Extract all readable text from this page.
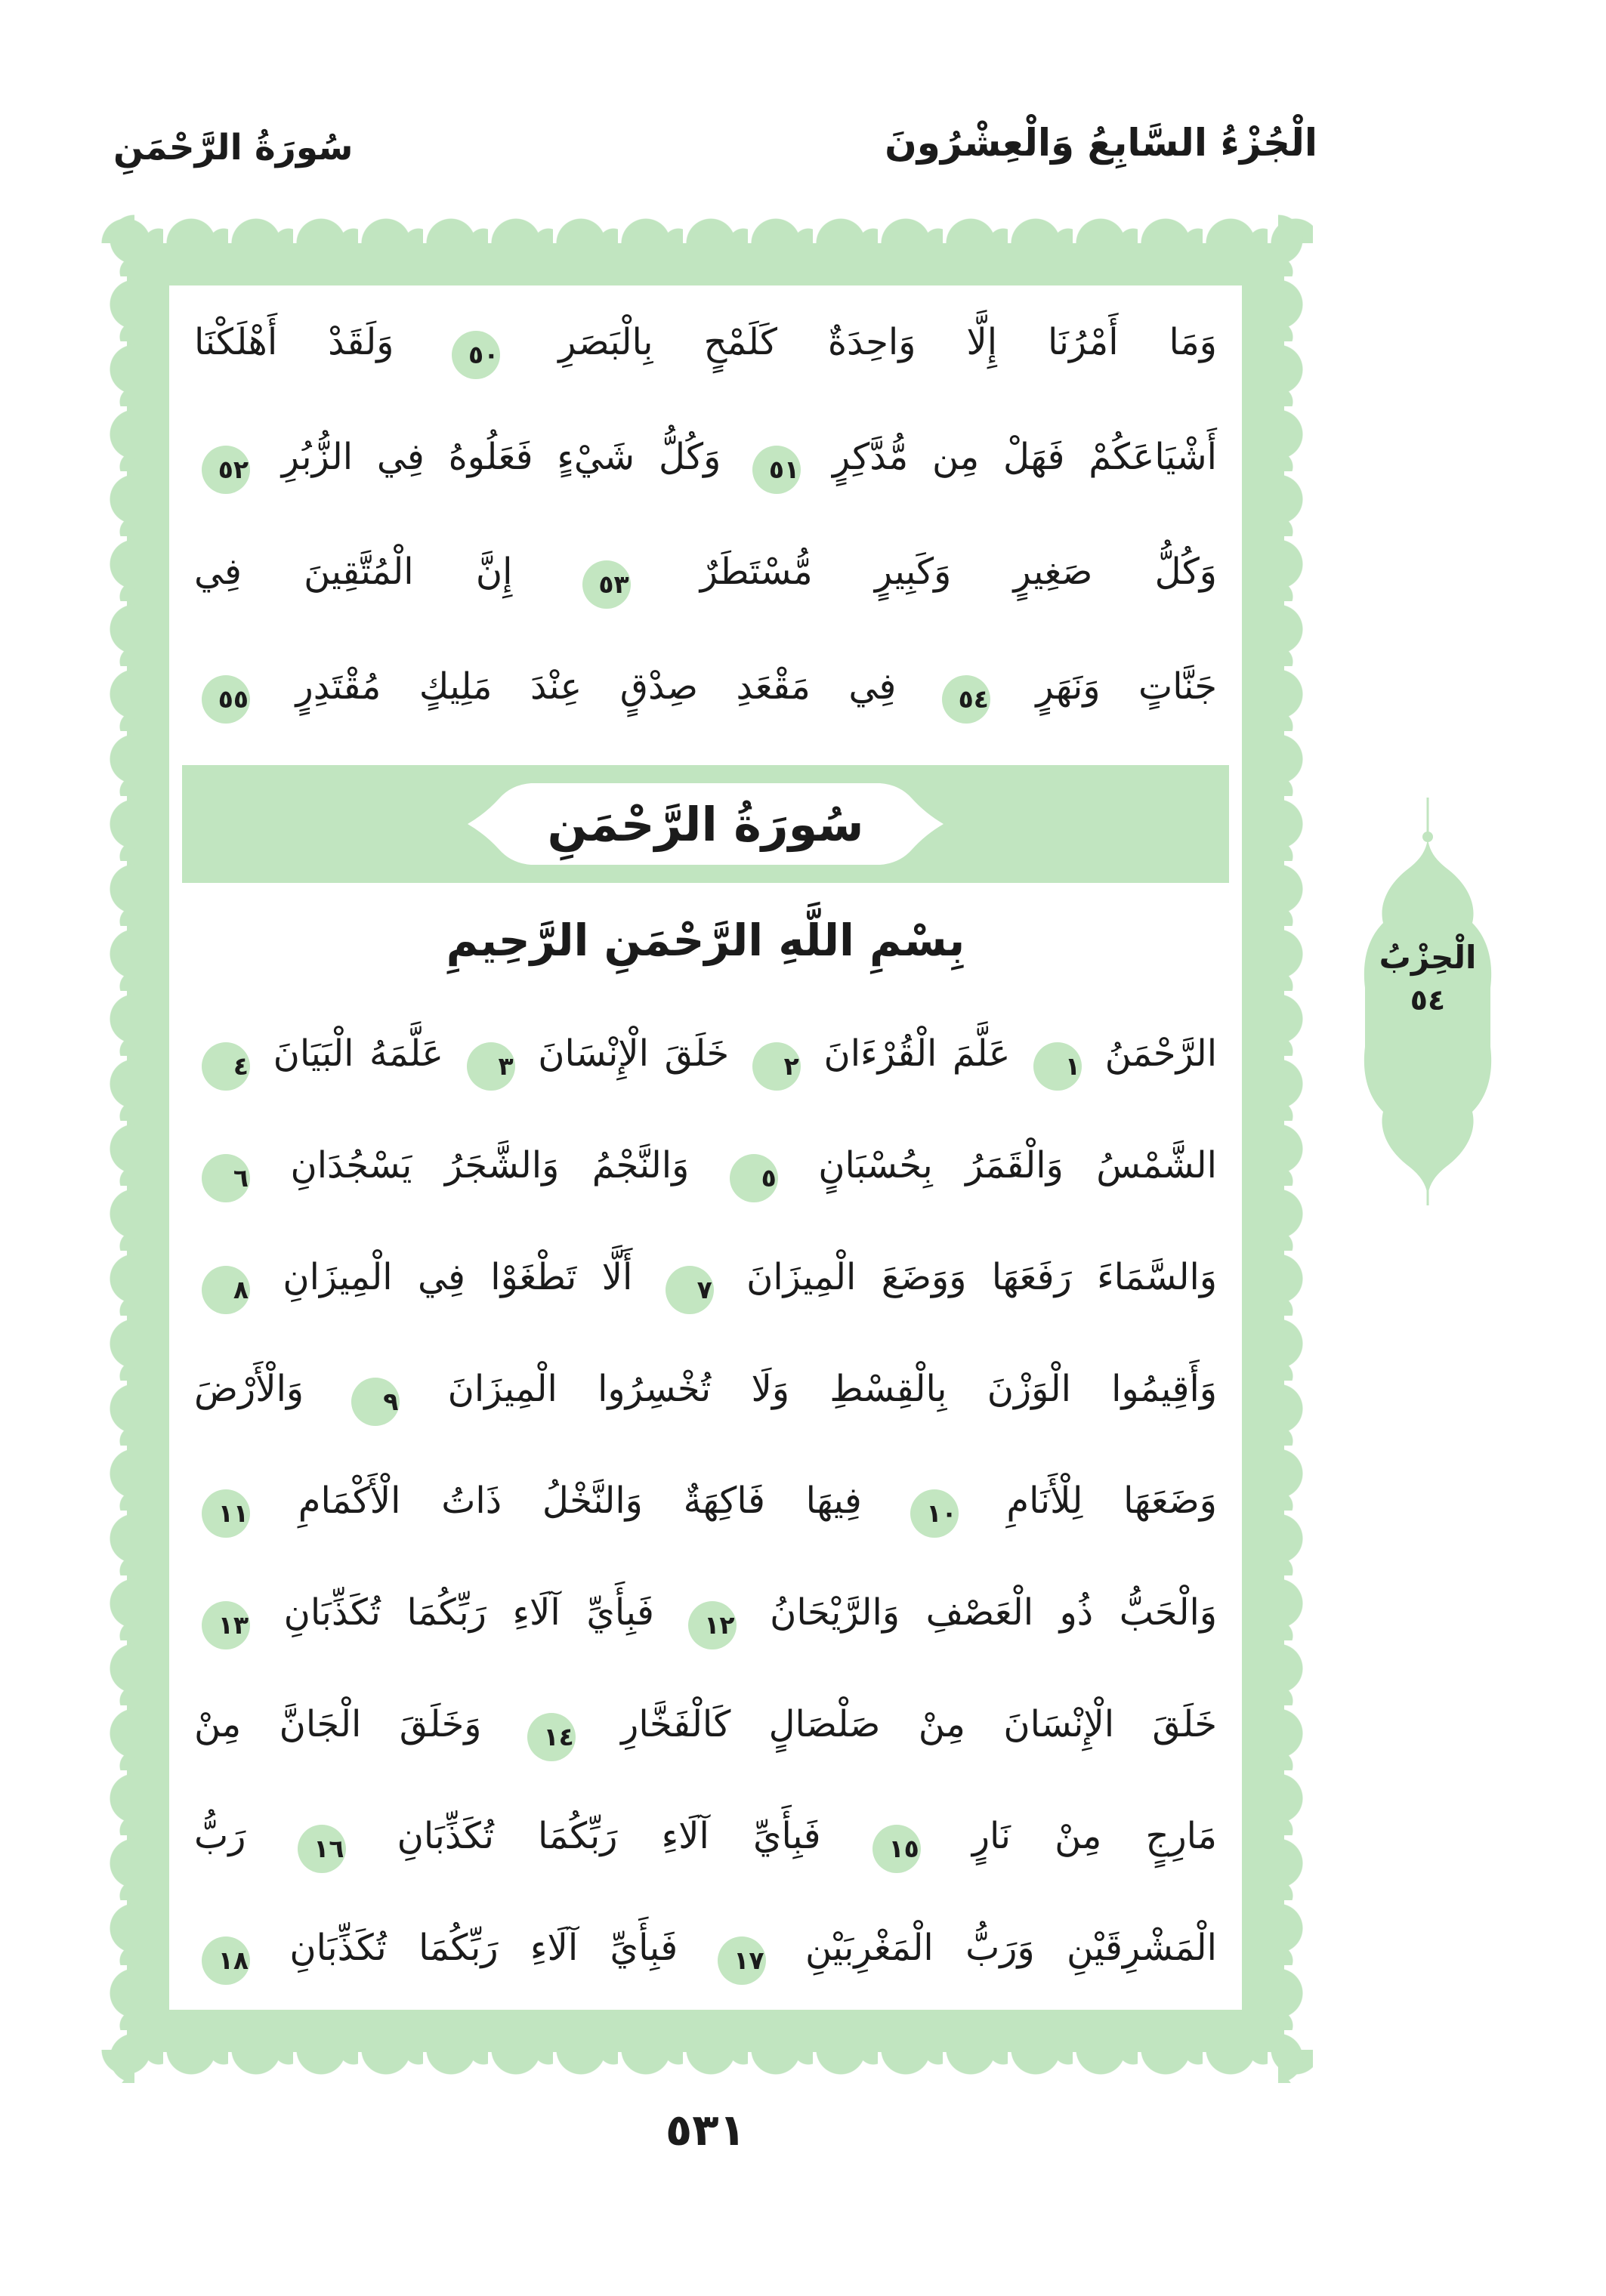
سُورَةُ الرَّحْمَنِ	الْجُزْءُ السَّابِعُ وَالْعِشْرُونَ
وَمَا أَمْرُنَا إِلَّا وَاحِدَةٌ كَلَمْحٍ بِالْبَصَرِ ٥٠ وَلَقَدْ أَهْلَكْنَا
أَشْيَاعَكُمْ فَهَلْ مِن مُّدَّكِرٍ ٥١ وَكُلُّ شَيْءٍ فَعَلُوهُ فِي الزُّبُرِ ٥٢
وَكُلُّ صَغِيرٍ وَكَبِيرٍ مُّسْتَطَرٌ ٥٣ إِنَّ الْمُتَّقِينَ فِي
جَنَّاتٍ وَنَهَرٍ ٥٤ فِي مَقْعَدِ صِدْقٍ عِنْدَ مَلِيكٍ مُقْتَدِرٍ ٥٥
سُورَةُ الرَّحْمَنِ
بِسْمِ اللَّهِ الرَّحْمَنِ الرَّحِيمِ
الرَّحْمَنُ ١ عَلَّمَ الْقُرْءَانَ ٢ خَلَقَ الْإِنْسَانَ ٣ عَلَّمَهُ الْبَيَانَ ٤
الشَّمْسُ وَالْقَمَرُ بِحُسْبَانٍ ٥ وَالنَّجْمُ وَالشَّجَرُ يَسْجُدَانِ ٦
وَالسَّمَاءَ رَفَعَهَا وَوَضَعَ الْمِيزَانَ ٧ أَلَّا تَطْغَوْا فِي الْمِيزَانِ ٨
وَأَقِيمُوا الْوَزْنَ بِالْقِسْطِ وَلَا تُخْسِرُوا الْمِيزَانَ ٩ وَالْأَرْضَ
وَضَعَهَا لِلْأَنَامِ ١٠ فِيهَا فَاكِهَةٌ وَالنَّخْلُ ذَاتُ الْأَكْمَامِ ١١
وَالْحَبُّ ذُو الْعَصْفِ وَالرَّيْحَانُ ١٢ فَبِأَيِّ آلَاءِ رَبِّكُمَا تُكَذِّبَانِ ١٣
خَلَقَ الْإِنْسَانَ مِنْ صَلْصَالٍ كَالْفَخَّارِ ١٤ وَخَلَقَ الْجَانَّ مِنْ
مَارِجٍ مِنْ نَارٍ ١٥ فَبِأَيِّ آلَاءِ رَبِّكُمَا تُكَذِّبَانِ ١٦ رَبُّ
الْمَشْرِقَيْنِ وَرَبُّ الْمَغْرِبَيْنِ ١٧ فَبِأَيِّ آلَاءِ رَبِّكُمَا تُكَذِّبَانِ ١٨
الْحِزْبُ
٥٤
٥٣١
